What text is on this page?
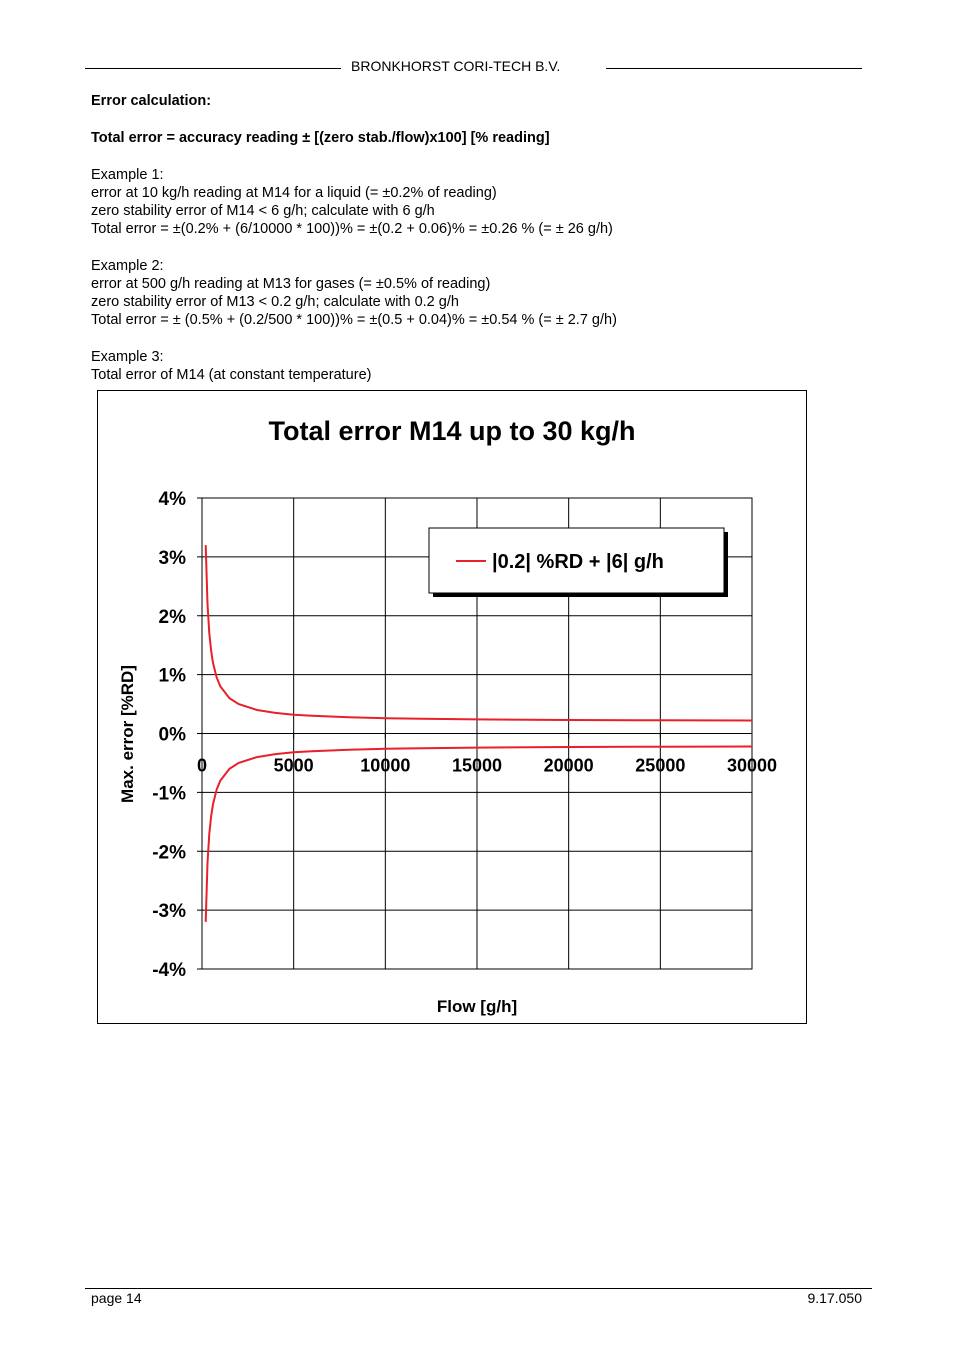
BRONKHORST CORI-TECH B.V.
Error calculation:
Total error = accuracy reading ± [(zero stab./flow)x100] [% reading]
Example 1:
error at 10 kg/h reading at M14 for a liquid (= ±0.2% of reading)
zero stability error of M14 < 6 g/h; calculate with 6 g/h
Total error = ±(0.2% + (6/10000 * 100))% = ±(0.2 + 0.06)% = ±0.26 % (= ± 26 g/h)
Example 2:
error at 500 g/h reading at M13 for gases (= ±0.5% of reading)
zero stability error of M13 < 0.2 g/h; calculate with 0.2 g/h
Total error = ± (0.5% + (0.2/500 * 100))% = ±(0.5 + 0.04)% = ±0.54 % (= ± 2.7 g/h)
Example 3:
Total error of M14 (at constant temperature)
Total error M14 up to 30 kg/h
4%
3%
2%
1%
0%
-1%
-2%
-3%
-4%
0	5000	10000 15000 20000 25000 30000
Max. error [%RD]
Flow [g/h]
|0.2| %RD + |6| g/h
page 14	9.17.050
